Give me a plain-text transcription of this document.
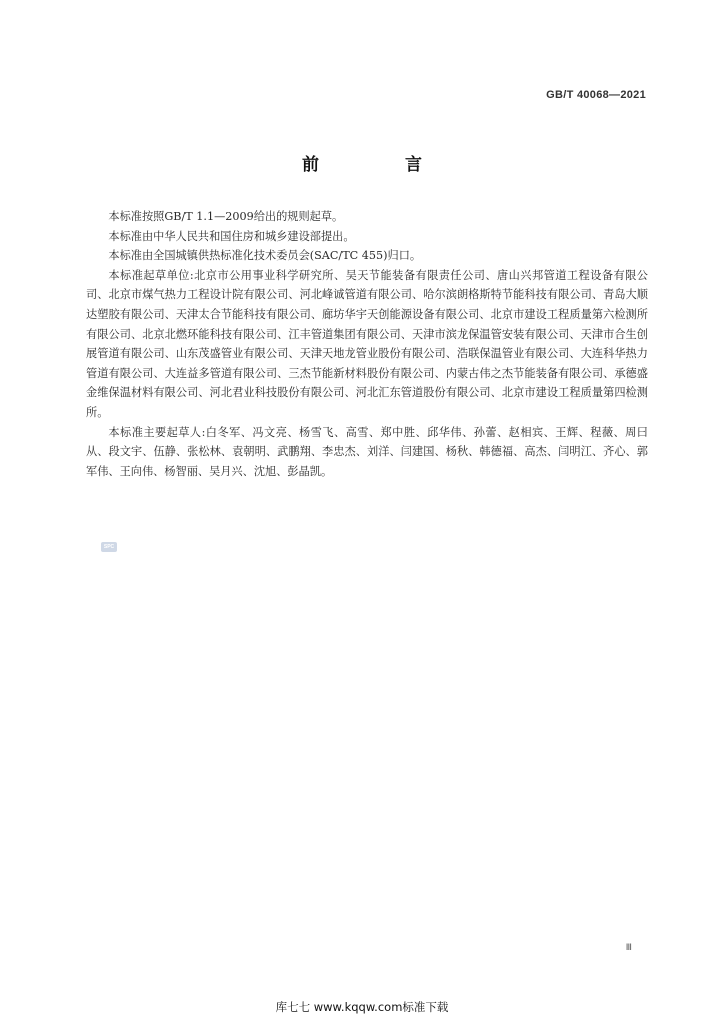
GB/T 40068—2021
前 言

本标准按照GB/T 1.1—2009给出的规则起草。

本标准由中华人民共和国住房和城乡建设部提出。

本标准由全国城镇供热标准化技术委员会(SAC/TC 455)归口。

本标准起草单位:北京市公用事业科学研究所、吴天节能装备有限责任公司、唐山兴邦管道工程设备有限公司、北京市煤气热力工程设计院有限公司、河北峰诚管道有限公司、哈尔滨朗格斯特节能科技有限公司、青岛大顺达塑胶有限公司、天津太合节能科技有限公司、廊坊华宇天创能源设备有限公司、北京市建设工程质量第六检测所有限公司、北京北燃环能科技有限公司、江丰管道集团有限公司、天津市滨龙保温管安装有限公司、天津市合生创展管道有限公司、山东茂盛管业有限公司、天津天地龙管业股份有限公司、浩联保温管业有限公司、大连科华热力管道有限公司、大连益多管道有限公司、三杰节能新材料股份有限公司、内蒙古伟之杰节能装备有限公司、承德盛金维保温材料有限公司、河北君业科技股份有限公司、河北汇东管道股份有限公司、北京市建设工程质量第四检测所。

本标准主要起草人:白冬军、冯文亮、杨雪飞、高雪、郑中胜、邱华伟、孙蕾、赵相宾、王辉、程薇、周曰从、段文宇、伍静、张松林、袁朝明、武鹏翔、李忠杰、刘洋、闫建国、杨秋、韩德福、高杰、闫明江、齐心、郭军伟、王向伟、杨智丽、吴月兴、沈旭、彭晶凯。

SPC
Ⅲ
库七七 www.kqqw.com标准下载
